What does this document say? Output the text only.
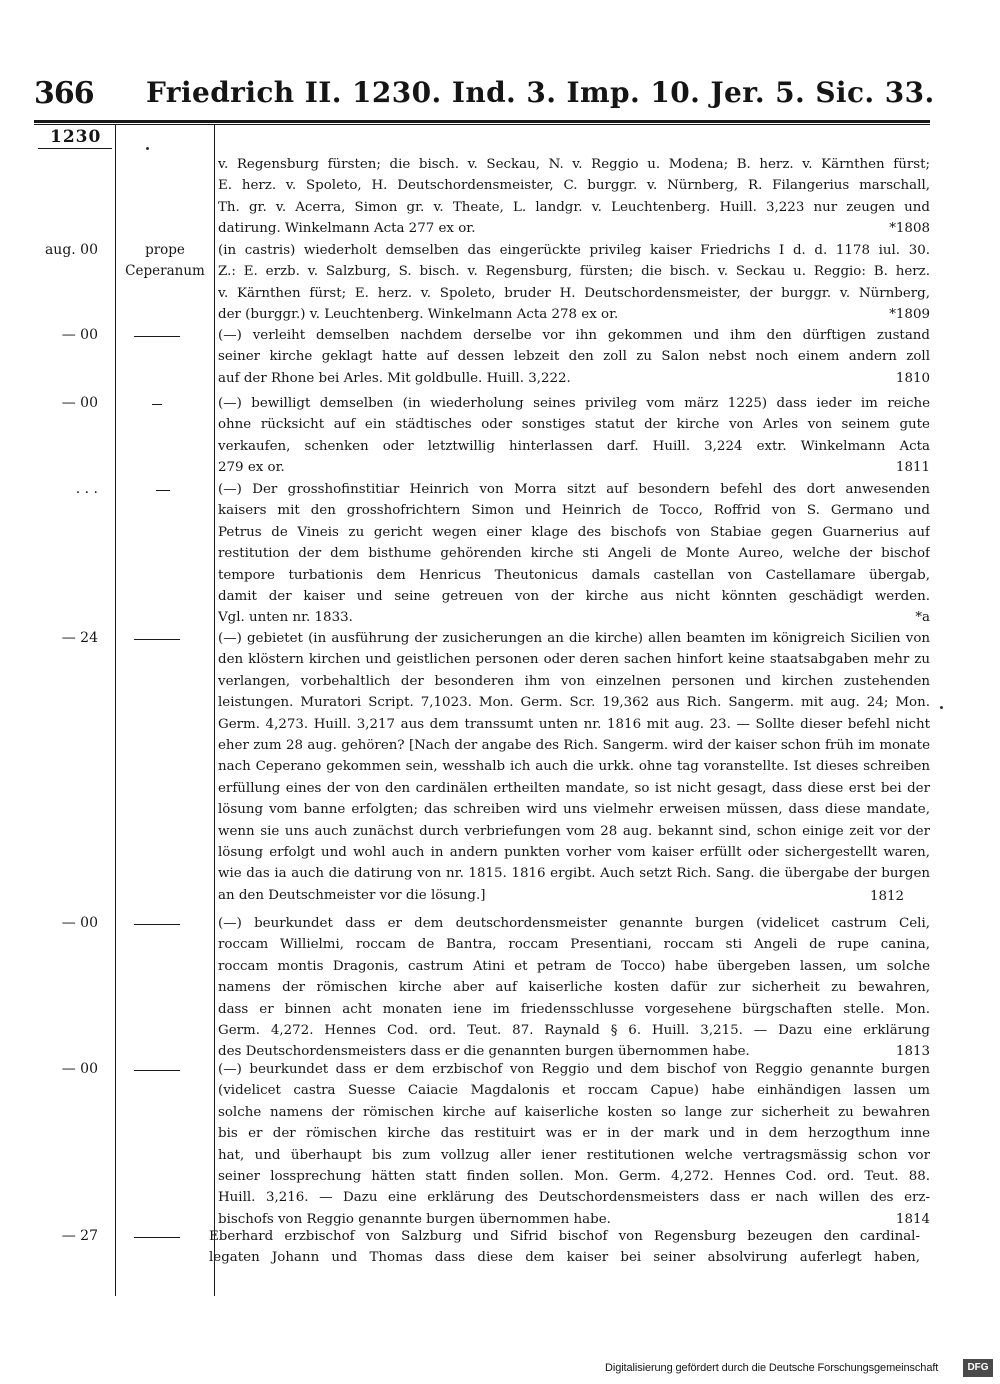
366 Friedrich II. 1230. Ind. 3. Imp. 10. Jer. 5. Sic. 33.
1230
v. Regensburg fürsten; die bisch. v. Seckau, N. v. Reggio u. Modena; B. herz. v. Kärnthen fürst;
E. herz. v. Spoleto, H. Deutschordensmeister, C. burggr. v. Nürnberg, R. Filangerius marschall,
Th. gr. v. Acerra, Simon gr. v. Theate, L. landgr. v. Leuchtenberg. Huill. 3,223 nur zeugen und
datirung. Winkelmann Acta 277 ex or.	*1808
aug. 00	prope Ceperanum
(in castris) wiederholt demselben das eingerückte privileg kaiser Friedrichs I d. d. 1178 iul. 30.
Z.: E. erzb. v. Salzburg, S. bisch. v. Regensburg, fürsten; die bisch. v. Seckau u. Reggio: B. herz.
v. Kärnthen fürst; E. herz. v. Spoleto, bruder H. Deutschordensmeister, der burggr. v. Nürnberg,
der (burggr.) v. Leuchtenberg. Winkelmann Acta 278 ex or.	*1809
— 00	(—) verleiht demselben nachdem derselbe vor ihn gekommen und ihm den dürftigen zustand
seiner kirche geklagt hatte auf dessen lebzeit den zoll zu Salon nebst noch einem andern zoll
auf der Rhone bei Arles. Mit goldbulle. Huill. 3,222.	1810
— 00	(—) bewilligt demselben (in wiederholung seines privileg vom märz 1225) dass ieder im reiche
ohne rücksicht auf ein städtisches oder sonstiges statut der kirche von Arles von seinem gute
verkaufen, schenken oder letztwillig hinterlassen darf. Huill. 3,224 extr. Winkelmann Acta
279 ex or.	1811
. . .	(—) Der grosshofinstitiar Heinrich von Morra sitzt auf besondern befehl des dort anwesenden
kaisers mit den grosshofrichtern Simon und Heinrich de Tocco, Roffrid von S. Germano und
Petrus de Vineis zu gericht wegen einer klage des bischofs von Stabiae gegen Guarnerius auf
restitution der dem bisthume gehörenden kirche sti Angeli de Monte Aureo, welche der bischof
tempore turbationis dem Henricus Theutonicus damals castellan von Castellamare übergab,
damit der kaiser und seine getreuen von der kirche aus nicht könnten geschädigt werden.
Vgl. unten nr. 1833.	*a
— 24	(—) gebietet (in ausführung der zusicherungen an die kirche) allen beamten im königreich Sicilien von den klöstern kirchen und geistlichen personen oder deren sachen hinfort keine staatsabgaben mehr zu verlangen, vorbehaltlich der besonderen ihm von einzelnen personen und kirchen zustehenden leistungen. Muratori Script. 7,1023. Mon. Germ. Scr. 19,362 aus Rich. Sangerm. mit aug. 24; Mon. Germ. 4,273. Huill. 3,217 aus dem transsumt unten nr. 1816 mit aug. 23. — Sollte dieser befehl nicht eher zum 28 aug. gehören? [Nach der angabe des Rich. Sangerm. wird der kaiser schon früh im monate nach Ceperano gekommen sein, wesshalb ich auch die urkk. ohne tag voranstellte. Ist dieses schreiben erfüllung eines der von den cardinälen ertheilten mandate, so ist nicht gesagt, dass diese erst bei der lösung vom banne erfolgten; das schreiben wird uns vielmehr erweisen müssen, dass diese mandate, wenn sie uns auch zunächst durch verbriefungen vom 28 aug. bekannt sind, schon einige zeit vor der lösung erfolgt und wohl auch in andern punkten vorher vom kaiser erfüllt oder sichergestellt waren, wie das ia auch die datirung von nr. 1815. 1816 ergibt. Auch setzt Rich. Sang. die übergabe der burgen an den Deutschmeister vor die lösung.]	1812
— 00	(—) beurkundet dass er dem deutschordensmeister genannte burgen (videlicet castrum Celi,
roccam Willielmi, roccam de Bantra, roccam Presentiani, roccam sti Angeli de rupe canina,
roccam montis Dragonis, castrum Atini et petram de Tocco) habe übergeben lassen, um solche
namens der römischen kirche aber auf kaiserliche kosten dafür zur sicherheit zu bewahren,
dass er binnen acht monaten iene im friedensschlusse vorgesehene bürgschaften stelle. Mon.
Germ. 4,272. Hennes Cod. ord. Teut. 87. Raynald § 6. Huill. 3,215. — Dazu eine erklärung
des Deutschordensmeisters dass er die genannten burgen übernommen habe.	1813
— 00	(—) beurkundet dass er dem erzbischof von Reggio und dem bischof von Reggio genannte burgen
(videlicet castra Suesse Caiacie Magdalonis et roccam Capue) habe einhändigen lassen um
solche namens der römischen kirche auf kaiserliche kosten so lange zur sicherheit zu bewahren
bis er der römischen kirche das restituirt was er in der mark und in dem herzogthum inne
hat, und überhaupt bis zum vollzug aller iener restitutionen welche vertragsmässig schon vor
seiner lossprechung hätten statt finden sollen. Mon. Germ. 4,272. Hennes Cod. ord. Teut. 88.
Huill. 3,216. — Dazu eine erklärung des Deutschordensmeisters dass er nach willen des erz-
bischofs von Reggio genannte burgen übernommen habe.	1814
— 27	Eberhard erzbischof von Salzburg und Sifrid bischof von Regensburg bezeugen den cardinal-
legaten Johann und Thomas dass diese dem kaiser bei seiner absolvirung auferlegt haben,
Digitalisierung gefördert durch die Deutsche Forschungsgemeinschaft	DFG
